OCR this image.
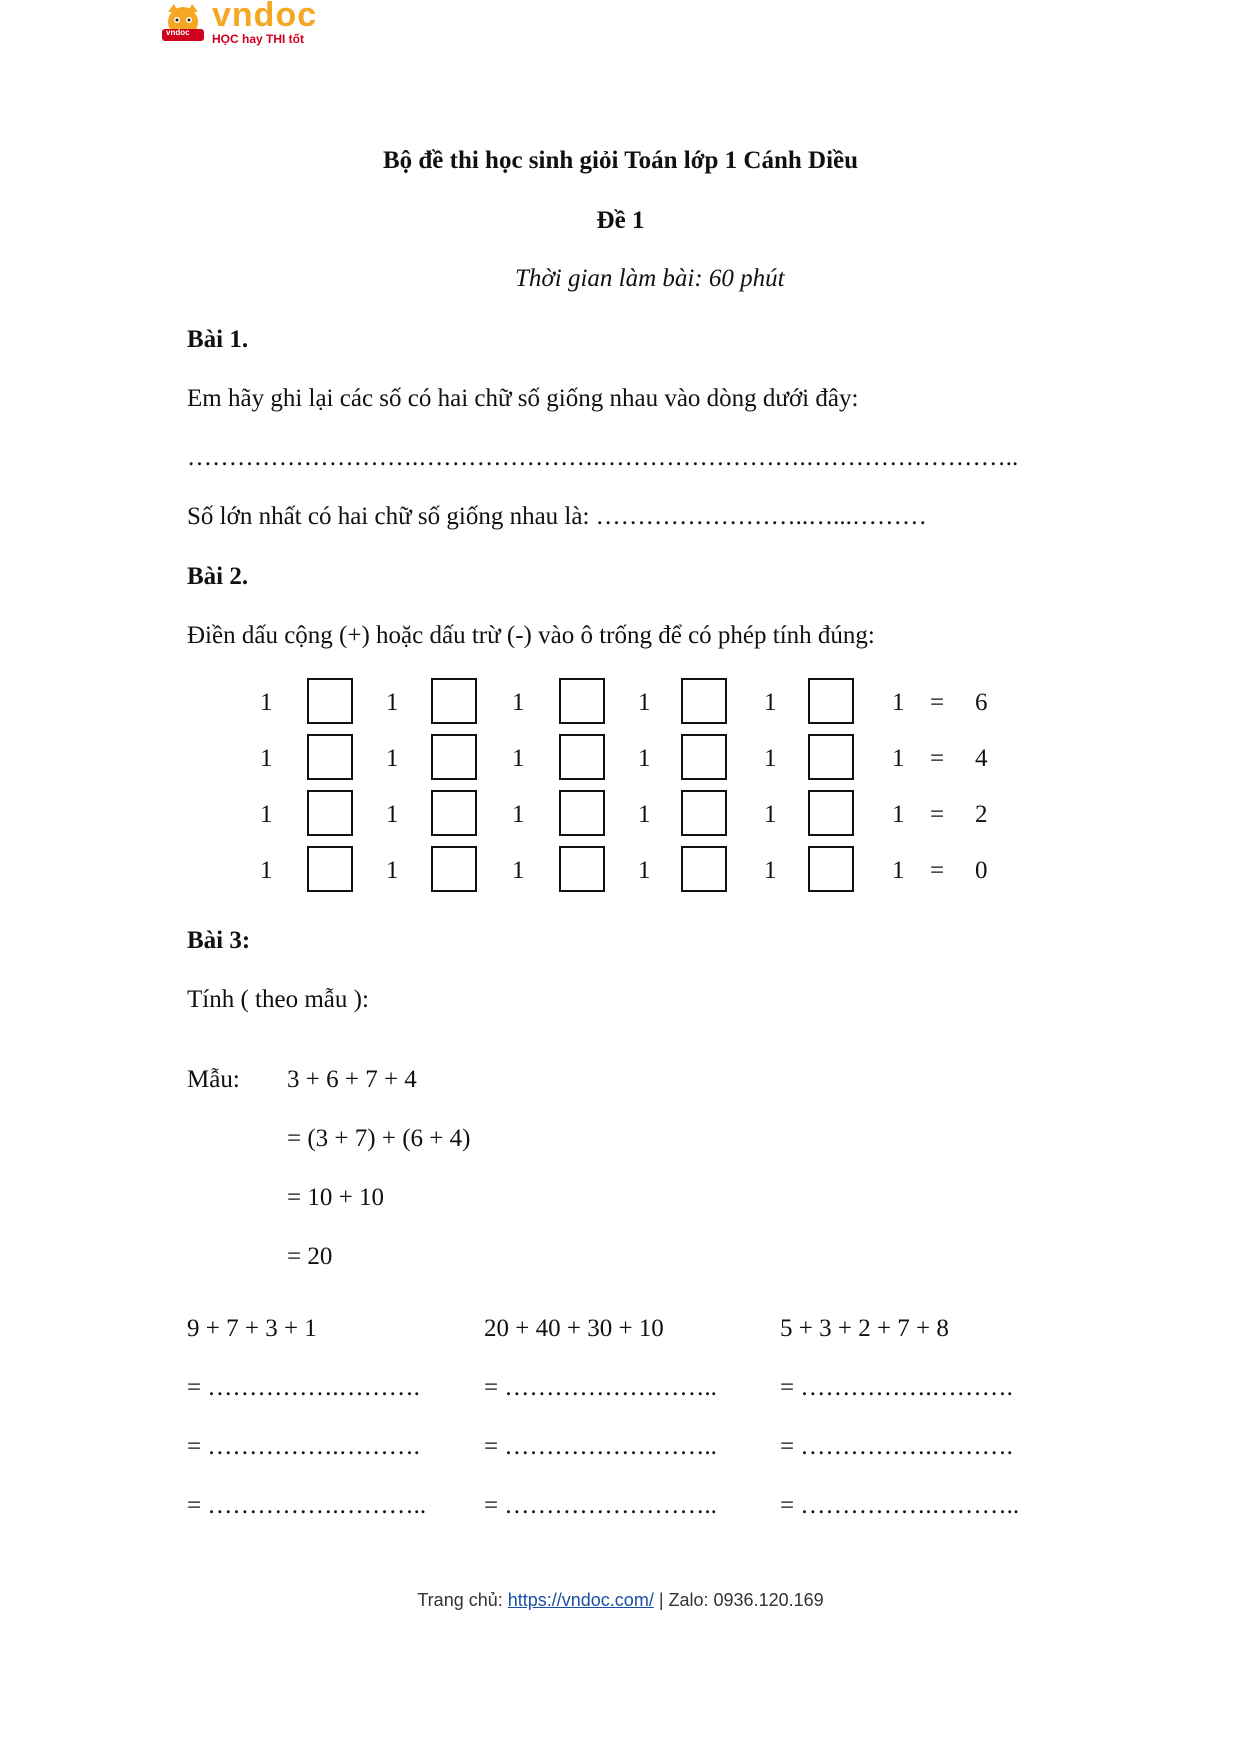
vndoc vndoc
HỌC hay THI tốt
Bộ đề thi học sinh giỏi Toán lớp 1 Cánh Diều
Đề 1
Thời gian làm bài: 60 phút
Bài 1.
Em hãy ghi lại các số có hai chữ số giống nhau vào dòng dưới đây:
……………………….………………….…………………….……………………..
Số lớn nhất có hai chữ số giống nhau là: ……………………..…...………
Bài 2.
Điền dấu cộng (+) hoặc dấu trừ (-) vào ô trống để có phép tính đúng:
1	1	1	1	1	1 = 6
1	1	1	1	1	1 = 4
1	1	1	1	1	1 = 2
1	1	1	1	1	1 = 0
Bài 3:
Tính ( theo mẫu ):
Mẫu: 3 + 6 + 7 + 4
= (3 + 7) + (6 + 4)
= 10 + 10
= 20
9 + 7 + 3 + 1
= …………….……….
= …………….……….
= …………….………..
20 + 40 + 30 + 10
= ……………………..
= ……………………..
= ……………………..
5 + 3 + 2 + 7 + 8
= …………….……….
= …………….……….
= …………….………..
Trang chủ: https://vndoc.com/ | Zalo: 0936.120.169
